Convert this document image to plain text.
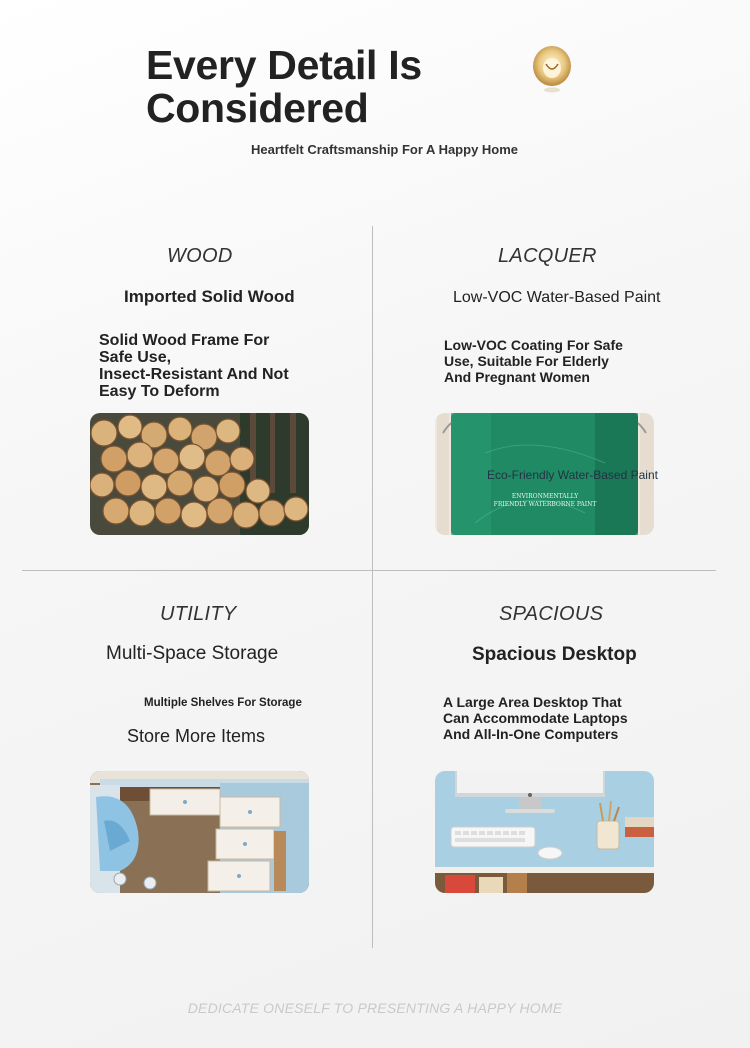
Every Detail Is
Considered
Heartfelt Craftsmanship For A Happy Home
WOOD
Imported Solid Wood
Solid Wood Frame For
Safe Use,
Insect-Resistant And Not
Easy To Deform
LACQUER
Low-VOC Water-Based Paint
Low-VOC Coating For Safe
Use, Suitable For Elderly
And Pregnant Women
ENVIRONMENTALLY
FRIENDLY WATERBORNE PAINT
Eco-Friendly Water-Based Paint
UTILITY
Multi-Space Storage
Multiple Shelves For Storage
Store More Items
SPACIOUS
Spacious Desktop
A Large Area Desktop That
Can Accommodate Laptops
And All-In-One Computers
DEDICATE ONESELF TO PRESENTING A HAPPY HOME
